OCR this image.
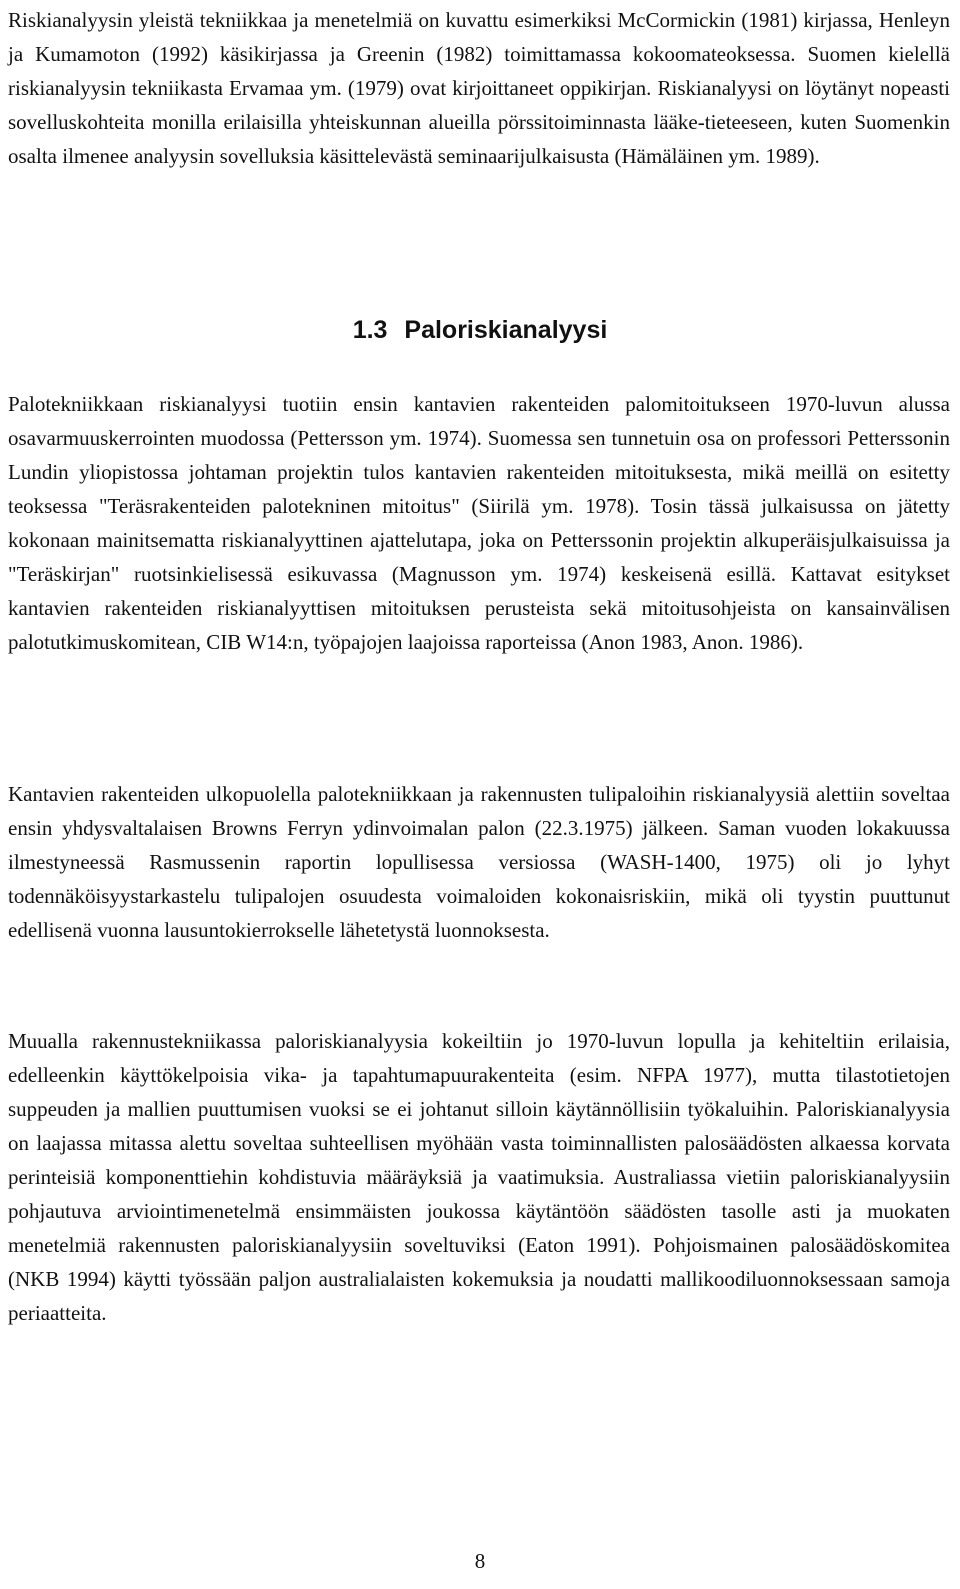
Riskianalyysin yleistä tekniikkaa ja menetelmiä on kuvattu esimerkiksi McCormickin (1981) kirjassa, Henleyn ja Kumamoton (1992) käsikirjassa ja Greenin (1982) toimittamassa kokoomateoksessa. Suomen kielellä riskianalyysin tekniikasta Ervamaa ym. (1979) ovat kirjoittaneet oppikirjan. Riskianalyysi on löytänyt nopeasti sovelluskohteita monilla erilaisilla yhteiskunnan alueilla pörssitoiminnasta lääke-tieteeseen, kuten Suomenkin osalta ilmenee analyysin sovelluksia käsittelevästä seminaarijulkaisusta (Hämäläinen ym. 1989).

1.3 Paloriskianalyysi

Palotekniikkaan riskianalyysi tuotiin ensin kantavien rakenteiden palomitoitukseen 1970-luvun alussa osavarmuuskerrointen muodossa (Pettersson ym. 1974). Suomessa sen tunnetuin osa on professori Petterssonin Lundin yliopistossa johtaman projektin tulos kantavien rakenteiden mitoituksesta, mikä meillä on esitetty teoksessa "Teräsrakenteiden palotekninen mitoitus" (Siirilä ym. 1978). Tosin tässä julkaisussa on jätetty kokonaan mainitsematta riskianalyyttinen ajattelutapa, joka on Petterssonin projektin alkuperäisjulkaisuissa ja "Teräskirjan" ruotsinkielisessä esikuvassa (Magnusson ym. 1974) keskeisenä esillä. Kattavat esitykset kantavien rakenteiden riskianalyyttisen mitoituksen perusteista sekä mitoitusohjeista on kansainvälisen palotutkimuskomitean, CIB W14:n, työpajojen laajoissa raporteissa (Anon 1983, Anon. 1986).

Kantavien rakenteiden ulkopuolella palotekniikkaan ja rakennusten tulipaloihin riskianalyysiä alettiin soveltaa ensin yhdysvaltalaisen Browns Ferryn ydinvoimalan palon (22.3.1975) jälkeen. Saman vuoden lokakuussa ilmestyneessä Rasmussenin raportin lopullisessa versiossa (WASH-1400, 1975) oli jo lyhyt todennäköisyystarkastelu tulipalojen osuudesta voimaloiden kokonaisriskiin, mikä oli tyystin puuttunut edellisenä vuonna lausuntokierrokselle lähetetystä luonnoksesta.

Muualla rakennustekniikassa paloriskianalyysia kokeiltiin jo 1970-luvun lopulla ja kehiteltiin erilaisia, edelleenkin käyttökelpoisia vika- ja tapahtumapuurakenteita (esim. NFPA 1977), mutta tilastotietojen suppeuden ja mallien puuttumisen vuoksi se ei johtanut silloin käytännöllisiin työkaluihin. Paloriskianalyysia on laajassa mitassa alettu soveltaa suhteellisen myöhään vasta toiminnallisten palosäädösten alkaessa korvata perinteisiä komponenttiehin kohdistuvia määräyksiä ja vaatimuksia. Australiassa vietiin paloriskianalyysiin pohjautuva arviointimenetelmä ensimmäisten joukossa käytäntöön säädösten tasolle asti ja muokaten menetelmiä rakennusten paloriskianalyysiin soveltuviksi (Eaton 1991). Pohjoismainen palosäädöskomitea (NKB 1994) käytti työssään paljon australialaisten kokemuksia ja noudatti mallikoodiluonnoksessaan samoja periaatteita.

8
